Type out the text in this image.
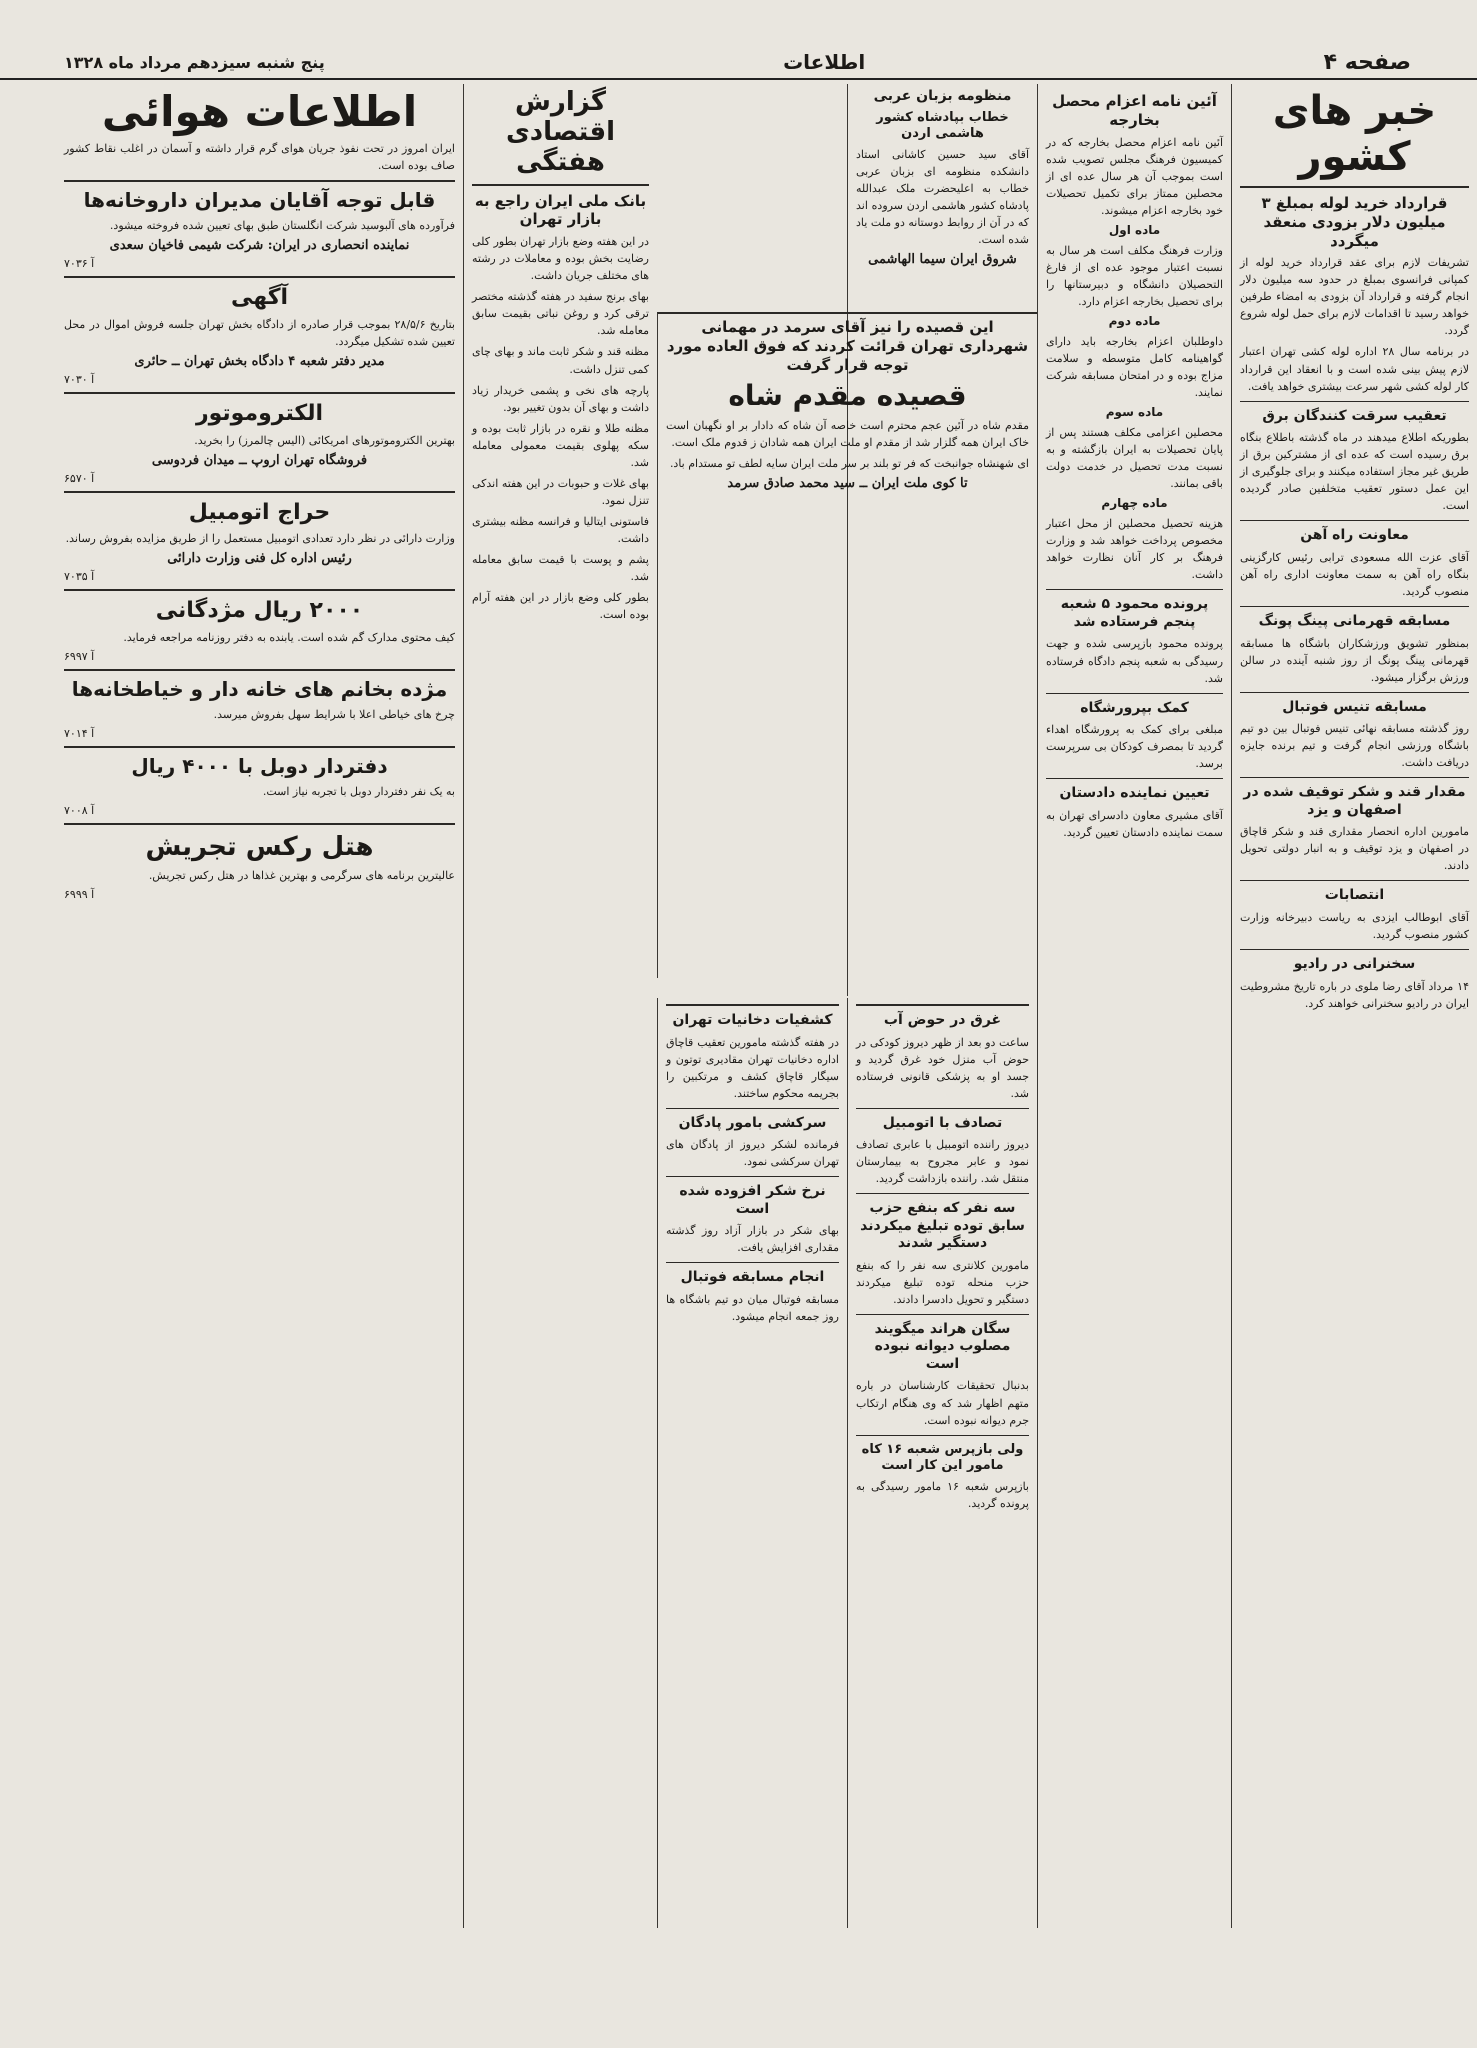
صفحه ۴
اطلاعات
پنج شنبه سیزدهم مرداد ماه ۱۳۲۸
خبر های کشور
قرارداد خرید لوله بمبلغ ۳ میلیون دلار بزودی منعقد میگردد
تشریفات لازم برای عقد قرارداد خرید لوله از کمپانی فرانسوی بمبلغ در حدود سه میلیون دلار انجام گرفته و قرارداد آن بزودی به امضاء طرفین خواهد رسید تا اقدامات لازم برای حمل لوله شروع گردد.
در برنامه سال ۲۸ اداره لوله کشی تهران اعتبار لازم پیش بینی شده است و با انعقاد این قرارداد کار لوله کشی شهر سرعت بیشتری خواهد یافت.
تعقیب سرقت کنندگان برق
بطوریکه اطلاع میدهند در ماه گذشته باطلاع بنگاه برق رسیده است که عده ای از مشترکین برق از طریق غیر مجاز استفاده میکنند و برای جلوگیری از این عمل دستور تعقیب متخلفین صادر گردیده است.
معاونت راه آهن
آقای عزت الله مسعودی ترابی رئیس کارگزینی بنگاه راه آهن به سمت معاونت اداری راه آهن منصوب گردید.
مسابقه قهرمانی پینگ پونگ
بمنظور تشویق ورزشکاران باشگاه ها مسابقه قهرمانی پینگ پونگ از روز شنبه آینده در سالن ورزش برگزار میشود.
مسابقه تنیس فوتبال
روز گذشته مسابقه نهائی تنیس فوتبال بین دو تیم باشگاه ورزشی انجام گرفت و تیم برنده جایزه دریافت داشت.
مقدار قند و شکر توقیف شده در اصفهان و یزد
مامورین اداره انحصار مقداری قند و شکر قاچاق در اصفهان و یزد توقیف و به انبار دولتی تحویل دادند.
انتصابات
آقای ابوطالب ایزدی به ریاست دبیرخانه وزارت کشور منصوب گردید.
سخنرانی در رادیو
۱۴ مرداد آقای رضا ملوی در باره تاریخ مشروطیت ایران در رادیو سخنرانی خواهند کرد.
آئین نامه اعزام محصل بخارجه
آئین نامه اعزام محصل بخارجه که در کمیسیون فرهنگ مجلس تصویب شده است بموجب آن هر سال عده ای از محصلین ممتاز برای تکمیل تحصیلات خود بخارجه اعزام میشوند.
ماده اول
وزارت فرهنگ مکلف است هر سال به نسبت اعتبار موجود عده ای از فارغ التحصیلان دانشگاه و دبیرستانها را برای تحصیل بخارجه اعزام دارد.
ماده دوم
داوطلبان اعزام بخارجه باید دارای گواهینامه کامل متوسطه و سلامت مزاج بوده و در امتحان مسابقه شرکت نمایند.
ماده سوم
محصلین اعزامی مکلف هستند پس از پایان تحصیلات به ایران بازگشته و به نسبت مدت تحصیل در خدمت دولت باقی بمانند.
ماده چهارم
هزینه تحصیل محصلین از محل اعتبار مخصوص پرداخت خواهد شد و وزارت فرهنگ بر کار آنان نظارت خواهد داشت.
پرونده محمود ۵ شعبه پنجم فرستاده شد
پرونده محمود بازپرسی شده و جهت رسیدگی به شعبه پنجم دادگاه فرستاده شد.
کمک بپرورشگاه
مبلغی برای کمک به پرورشگاه اهداء گردید تا بمصرف کودکان بی سرپرست برسد.
تعیین نماینده دادستان
آقای مشیری معاون دادسرای تهران به سمت نماینده دادستان تعیین گردید.
منظومه بزبان عربی
خطاب بپادشاه کشور هاشمی اردن
آقای سید حسین کاشانی استاد دانشکده منظومه ای بزبان عربی خطاب به اعلیحضرت ملک عبدالله پادشاه کشور هاشمی اردن سروده اند که در آن از روابط دوستانه دو ملت یاد شده است.
شروق ایران سیما الهاشمی
این قصیده را نیز آقای سرمد در مهمانی شهرداری تهران قرائت کردند که فوق العاده مورد توجه قرار گرفت
قصیده مقدم شاه
مقدم شاه در آئین عجم محترم است خاصه آن شاه که دادار بر او نگهبان است خاک ایران همه گلزار شد از مقدم او ملت ایران همه شادان ز قدوم ملک است.
ای شهنشاه جوانبخت که فر تو بلند بر سر ملت ایران سایه لطف تو مستدام باد.
تا کوی ملت ایران ــ سید محمد صادق سرمد
غرق در حوض آب
ساعت دو بعد از ظهر دیروز کودکی در حوض آب منزل خود غرق گردید و جسد او به پزشکی قانونی فرستاده شد.
تصادف با اتومبیل
دیروز راننده اتومبیل با عابری تصادف نمود و عابر مجروح به بیمارستان منتقل شد. راننده بازداشت گردید.
سه نفر که بنفع حزب سابق توده تبلیغ میکردند دستگیر شدند
مامورین کلانتری سه نفر را که بنفع حزب منحله توده تبلیغ میکردند دستگیر و تحویل دادسرا دادند.
سگان هراند میگویند مصلوب دیوانه نبوده است
بدنبال تحقیقات کارشناسان در باره متهم اظهار شد که وی هنگام ارتکاب جرم دیوانه نبوده است.
ولی بازپرس شعبه ۱۶ کاه مامور این کار است
بازپرس شعبه ۱۶ مامور رسیدگی به پرونده گردید.
کشفیات دخانیات تهران
در هفته گذشته مامورین تعقیب قاچاق اداره دخانیات تهران مقادیری توتون و سیگار قاچاق کشف و مرتکبین را بجریمه محکوم ساختند.
سرکشی بامور پادگان
فرمانده لشکر دیروز از پادگان های تهران سرکشی نمود.
نرخ شکر افزوده شده است
بهای شکر در بازار آزاد روز گذشته مقداری افزایش یافت.
انجام مسابقه فوتبال
مسابقه فوتبال میان دو تیم باشگاه ها روز جمعه انجام میشود.
گزارش اقتصادی هفتگی
بانک ملی ایران راجع به بازار تهران
در این هفته وضع بازار تهران بطور کلی رضایت بخش بوده و معاملات در رشته های مختلف جریان داشت.
بهای برنج سفید در هفته گذشته مختصر ترقی کرد و روغن نباتی بقیمت سابق معامله شد.
مظنه قند و شکر ثابت ماند و بهای چای کمی تنزل داشت.
پارچه های نخی و پشمی خریدار زیاد داشت و بهای آن بدون تغییر بود.
مظنه طلا و نقره در بازار ثابت بوده و سکه پهلوی بقیمت معمولی معامله شد.
بهای غلات و حبوبات در این هفته اندکی تنزل نمود.
فاستونی ایتالیا و فرانسه مظنه بیشتری داشت.
پشم و پوست با قیمت سابق معامله شد.
بطور کلی وضع بازار در این هفته آرام بوده است.
اطلاعات هوائی
ایران امروز در تحت نفوذ جریان هوای گرم قرار داشته و آسمان در اغلب نقاط کشور صاف بوده است.
قابل توجه آقایان مدیران داروخانه‌ها
فرآورده های آلبوسید شرکت انگلستان طبق بهای تعیین شده فروخته میشود.
نماینده انحصاری در ایران: شرکت شیمی فاخیان سعدی
آ ۷۰۳۶
آگهی
بتاریخ ۲۸/۵/۶ بموجب قرار صادره از دادگاه بخش تهران جلسه فروش اموال در محل تعیین شده تشکیل میگردد.
مدیر دفتر شعبه ۴ دادگاه بخش تهران ــ حائری
آ ۷۰۳۰
الکتروموتور
بهترین الکتروموتورهای امریکائی (الیس چالمرز) را بخرید.
فروشگاه تهران اروپ ــ میدان فردوسی
آ ۶۵۷۰
حراج اتومبیل
وزارت دارائی در نظر دارد تعدادی اتومبیل مستعمل را از طریق مزایده بفروش رساند.
رئیس اداره کل فنی وزارت دارائی
آ ۷۰۳۵
۲۰۰۰ ریال مژدگانی
کیف محتوی مدارک گم شده است. یابنده به دفتر روزنامه مراجعه فرماید.
آ ۶۹۹۷
مژده بخانم های خانه دار و خیاطخانه‌ها
چرخ های خیاطی اعلا با شرایط سهل بفروش میرسد.
آ ۷۰۱۴
دفتردار دوبل با ۴۰۰۰ ریال
به یک نفر دفتردار دوبل با تجربه نیاز است.
آ ۷۰۰۸
هتل رکس تجریش
عالیترین برنامه های سرگرمی و بهترین غذاها در هتل رکس تجریش.
آ ۶۹۹۹
